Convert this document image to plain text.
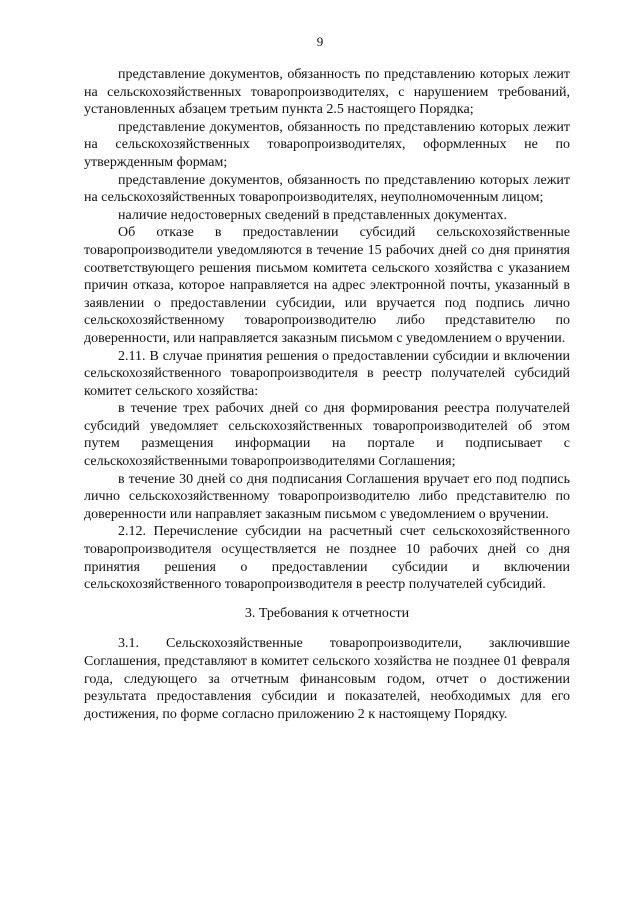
9

представление документов, обязанность по представлению которых лежит на сельскохозяйственных товаропроизводителях, с нарушением требований, установленных абзацем третьим пункта 2.5 настоящего Порядка;

представление документов, обязанность по представлению которых лежит на сельскохозяйственных товаропроизводителях, оформленных не по утвержденным формам;

представление документов, обязанность по представлению которых лежит на сельскохозяйственных товаропроизводителях, неуполномоченным лицом;

наличие недостоверных сведений в представленных документах.

Об отказе в предоставлении субсидий сельскохозяйственные товаропроизводители уведомляются в течение 15 рабочих дней со дня принятия соответствующего решения письмом комитета сельского хозяйства с указанием причин отказа, которое направляется на адрес электронной почты, указанный в заявлении о предоставлении субсидии, или вручается под подпись лично сельскохозяйственному товаропроизводителю либо представителю по доверенности, или направляется заказным письмом с уведомлением о вручении.

2.11. В случае принятия решения о предоставлении субсидии и включении сельскохозяйственного товаропроизводителя в реестр получателей субсидий комитет сельского хозяйства:

в течение трех рабочих дней со дня формирования реестра получателей субсидий уведомляет сельскохозяйственных товаропроизводителей об этом путем размещения информации на портале и подписывает с сельскохозяйственными товаропроизводителями Соглашения;

в течение 30 дней со дня подписания Соглашения вручает его под подпись лично сельскохозяйственному товаропроизводителю либо представителю по доверенности или направляет заказным письмом с уведомлением о вручении.

2.12. Перечисление субсидии на расчетный счет сельскохозяйственного товаропроизводителя осуществляется не позднее 10 рабочих дней со дня принятия решения о предоставлении субсидии и включении сельскохозяйственного товаропроизводителя в реестр получателей субсидий.

3. Требования к отчетности

3.1. Сельскохозяйственные товаропроизводители, заключившие Соглашения, представляют в комитет сельского хозяйства не позднее 01 февраля года, следующего за отчетным финансовым годом, отчет о достижении результата предоставления субсидии и показателей, необходимых для его достижения, по форме согласно приложению 2 к настоящему Порядку.
